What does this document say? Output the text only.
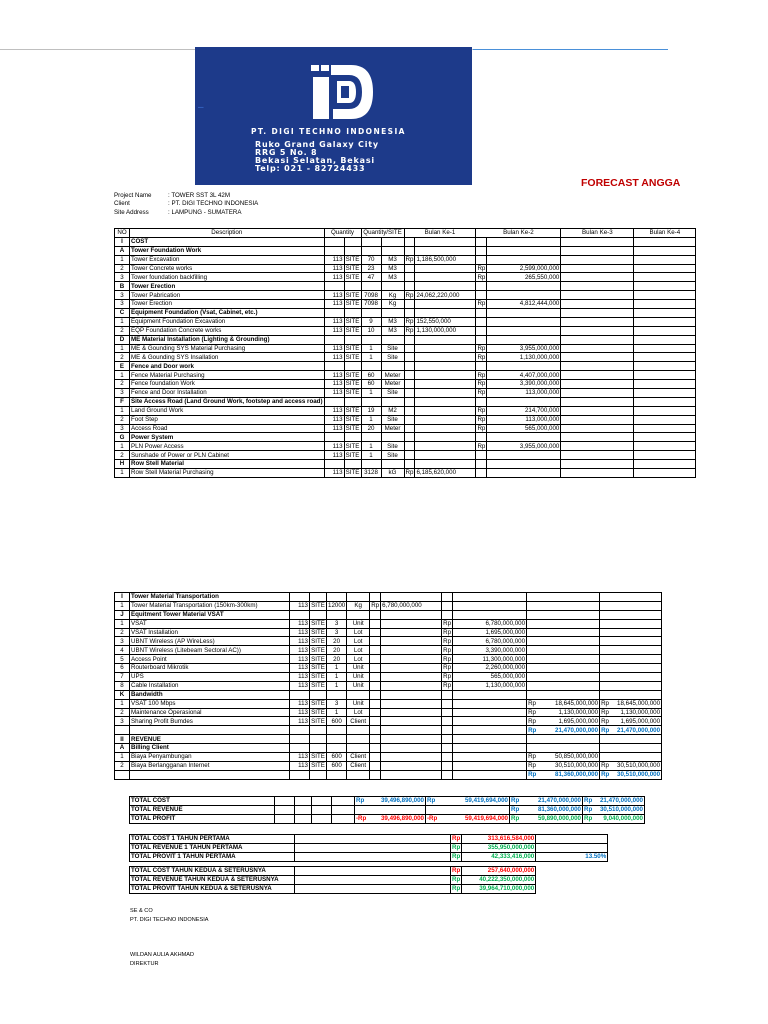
–
PT. DIGI TECHNO INDONESIA
Ruko Grand Galaxy City
RRG 5 No. 8
Bekasi Selatan, Bekasi
Telp: 021 - 82724433
FORECAST ANGGA
Project Name	: TOWER SST 3L 42M
Client	: PT. DIGI TECHNO INDONESIA
Site Address	: LAMPUNG - SUMATERA
NO	Description	Quantity		Quantity/SITE		Bulan Ke-1		Bulan Ke-2		Bulan Ke-3	Bulan Ke-4
I	COST									

A	Tower Foundation Work									

1	Tower Excavation	113	SITE	70	M3	Rp	1,186,500,000			

2	Tower Concrete works	113	SITE	23	M3			Rp	2,599,000,000	

3	Tower foundation backfilling	113	SITE	47	M3			Rp	265,550,000	

B	Tower Erection									

3	Tower Pabrication	113	SITE	7098	Kg	Rp	24,062,220,000			

3	Tower Erection	113	SITE	7098	Kg			Rp	4,812,444,000	

C	Equipment Foundation (Vsat, Cabinet, etc.)									

1	Equipment Foundation Excavation	113	SITE	9	M3	Rp	152,550,000			

2	EQP Foundation Concrete works	113	SITE	10	M3	Rp	1,130,000,000			

D	ME Material Installation (Lighting & Grounding)									

1	ME & Gounding SYS Material Purchasing	113	SITE	1	Site			Rp	3,955,000,000	

2	ME & Gounding SYS Insallation	113	SITE	1	Site			Rp	1,130,000,000	

E	Fence and Door work									

1	Fence Material Purchasing	113	SITE	60	Meter			Rp	4,407,000,000	

2	Fence foundation Work	113	SITE	60	Meter			Rp	3,390,000,000	

3	Fence and Door Installation	113	SITE	1	Site			Rp	113,000,000	

F	Site Access Road (Land Ground Work, footstep and access road)									

1	Land Ground Work	113	SITE	19	M2			Rp	214,700,000	

2	Foot Step	113	SITE	1	Site			Rp	113,000,000	

3	Access Road	113	SITE	20	Meter			Rp	565,000,000	

G	Power System									

1	PLN Power Access	113	SITE	1	Site			Rp	3,955,000,000	

2	Sunshade of Power or PLN Cabinet	113	SITE	1	Site					

H	Row Stell Material									

1	Row Stell Material Purchasing	113	SITE	3128	kG	Rp	6,185,620,000			

I	Tower Material Transportation									

1	Tower Material Transportation (150km-300km)	113	SITE	12000	Kg	Rp	6,780,000,000			

J	Equitment Tower Material VSAT									

1	VSAT	113	SITE	3	Unit			Rp	6,780,000,000	

2	VSAT Installation	113	SITE	3	Lot			Rp	1,695,000,000	

3	UBNT Wireless (AP WireLess)	113	SITE	20	Lot			Rp	6,780,000,000	

4	UBNT Wireless (Litebeam Sectoral AC))	113	SITE	20	Lot			Rp	3,390,000,000	

5	Access Point	113	SITE	20	Lot			Rp	11,300,000,000	

6	Routerboard Mikrotik	113	SITE	1	Unit			Rp	2,260,000,000	

7	UPS	113	SITE	1	Unit			Rp	565,000,000	

8	Cable Installation	113	SITE	1	Unit			Rp	1,130,000,000	

K	Bandwidth									

1	VSAT 100 Mbps	113	SITE	3	Unit					Rp 18,645,000,000	Rp 18,645,000,000

2	Maintenance Operasional	113	SITE	1	Lot					Rp 1,130,000,000	Rp 1,130,000,000

3	Sharing Profit Bumdes	113	SITE	600	Client					Rp 1,695,000,000	Rp 1,695,000,000

										Rp 21,470,000,000	Rp 21,470,000,000

II	REVENUE									

A	Billing Client									

1	Biaya Penyambungan	113	SITE	600	Client					Rp 50,850,000,000	

2	Biaya Berlangganan Internet	113	SITE	600	Client					Rp 30,510,000,000	Rp 30,510,000,000

										Rp 81,360,000,000	Rp 30,510,000,000
TOTAL COST					Rp 39,496,890,000	Rp 59,419,694,000	Rp 21,470,000,000	Rp 21,470,000,000

TOTAL REVENUE							Rp 81,360,000,000	Rp 30,510,000,000

TOTAL PROFIT					-Rp 39,496,890,000	-Rp 59,419,694,000	Rp 59,890,000,000	Rp 9,040,000,000
TOTAL COST 1 TAHUN PERTAMA		Rp	313,616,584,000	
TOTAL REVENUE 1 TAHUN PERTAMA		Rp	355,950,000,000	
TOTAL PROVIT 1 TAHUN PERTAMA		Rp	42,333,416,000	13.50%
TOTAL COST TAHUN KEDUA & SETERUSNYA		Rp	257,640,000,000
TOTAL REVENUE TAHUN KEDUA & SETERUSNYA		Rp	40,222,350,000,000
TOTAL PROVIT TAHUN KEDUA & SETERUSNYA		Rp	39,964,710,000,000
SE & CO
PT. DIGI TECHNO INDONESIA
WILDAN AULIA AKHMAD
DIREKTUR
